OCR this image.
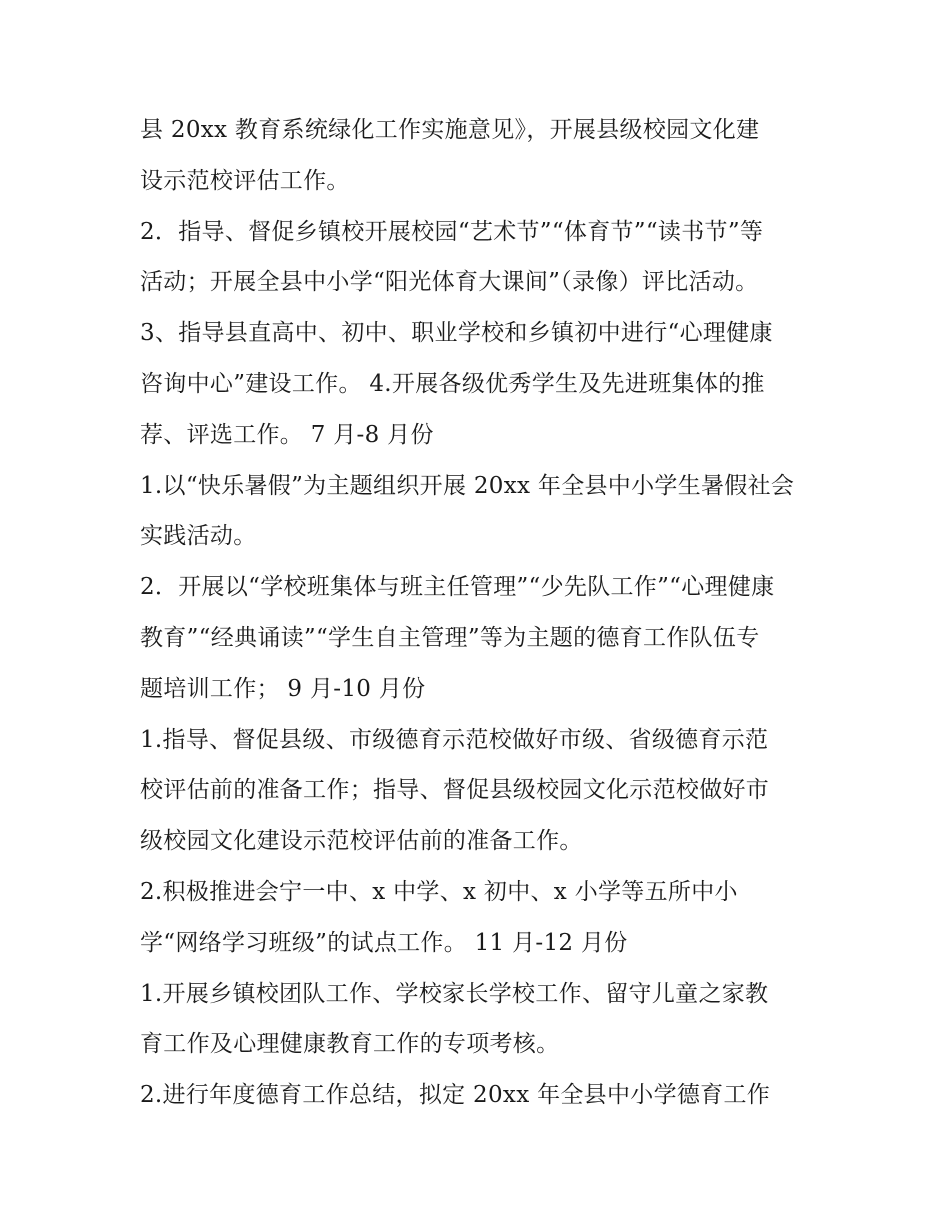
县 20xx 教育系统绿化工作实施意见》，开展县级校园文化建
设示范校评估工作。
2．指导、督促乡镇校开展校园“艺术节”“体育节”“读书节”等
活动；开展全县中小学“阳光体育大课间”（录像）评比活动。
3、指导县直高中、初中、职业学校和乡镇初中进行“心理健康
咨询中心”建设工作。 4.开展各级优秀学生及先进班集体的推
荐、评选工作。 7 月-8 月份
1.以“快乐暑假”为主题组织开展 20xx 年全县中小学生暑假社会
实践活动。
2．开展以“学校班集体与班主任管理”“少先队工作”“心理健康
教育”“经典诵读”“学生自主管理”等为主题的德育工作队伍专
题培训工作； 9 月-10 月份
1.指导、督促县级、市级德育示范校做好市级、省级德育示范
校评估前的准备工作；指导、督促县级校园文化示范校做好市
级校园文化建设示范校评估前的准备工作。
2.积极推进会宁一中、x 中学、x 初中、x 小学等五所中小
学“网络学习班级”的试点工作。 11 月-12 月份
1.开展乡镇校团队工作、学校家长学校工作、留守儿童之家教
育工作及心理健康教育工作的专项考核。
2.进行年度德育工作总结，拟定 20xx 年全县中小学德育工作
